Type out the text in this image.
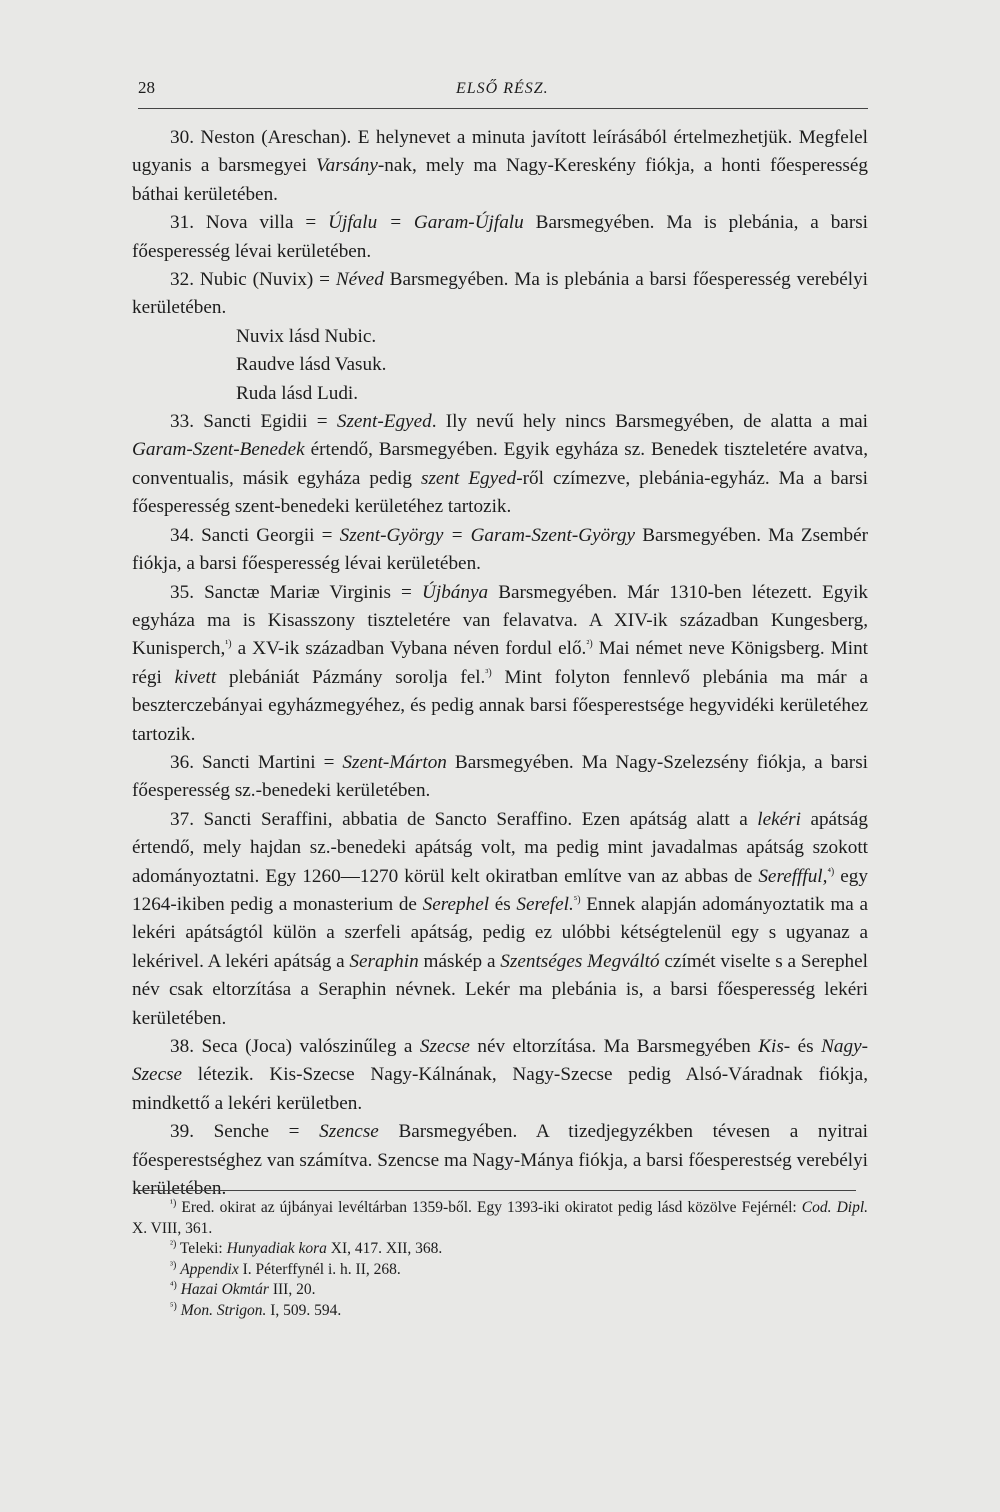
28	ELSŐ RÉSZ.

30. Neston (Areschan). E helynevet a minuta javított leírásából értelmezhetjük. Megfelel ugyanis a barsmegyei Varsány-nak, mely ma Nagy-Kereskény fiókja, a honti főesperesség báthai kerületében.

31. Nova villa = Újfalu = Garam-Újfalu Barsmegyében. Ma is plebánia, a barsi főesperesség lévai kerületében.

32. Nubic (Nuvix) = Néved Barsmegyében. Ma is plebánia a barsi főesperesség verebélyi kerületében.

Nuvix lásd Nubic.

Raudve lásd Vasuk.

Ruda lásd Ludi.

33. Sancti Egidii = Szent-Egyed. Ily nevű hely nincs Barsmegyében, de alatta a mai Garam-Szent-Benedek értendő, Barsmegyében. Egyik egyháza sz. Benedek tiszteletére avatva, conventualis, másik egyháza pedig szent Egyed-ről czímezve, plebánia-egyház. Ma a barsi főesperesség szent-benedeki kerületéhez tartozik.

34. Sancti Georgii = Szent-György = Garam-Szent-György Barsmegyében. Ma Zsembér fiókja, a barsi főesperesség lévai kerületében.

35. Sanctæ Mariæ Virginis = Újbánya Barsmegyében. Már 1310-ben létezett. Egyik egyháza ma is Kisasszony tiszteletére van felavatva. A XIV-ik században Kungesberg, Kunisperch,$^{^1)}$ a XV-ik században Vybana néven fordul elő.$^{^2)}$ Mai német neve Königsberg. Mint régi kivett plebániát Pázmány sorolja fel.$^{^3)}$ Mint folyton fennlevő plebánia ma már a beszterczebányai egyházmegyéhez, és pedig annak barsi főesperestsége hegyvidéki kerületéhez tartozik.

36. Sancti Martini = Szent-Márton Barsmegyében. Ma Nagy-Szelezsény fiókja, a barsi főesperesség sz.-benedeki kerületében.

37. Sancti Seraffini, abbatia de Sancto Seraffino. Ezen apátság alatt a lekéri apátság értendő, mely hajdan sz.-benedeki apátság volt, ma pedig mint javadalmas apátság szokott adományoztatni. Egy 1260—1270 körül kelt okiratban említve van az abbas de Sereffful,$^{^4)}$ egy 1264-ikiben pedig a monasterium de Serephel és Serefel.$^{^5)}$ Ennek alapján adományoztatik ma a lekéri apátságtól külön a szerfeli apátság, pedig ez ulóbbi kétségtelenül egy s ugyanaz a lekérivel. A lekéri apátság a Seraphin máskép a Szentséges Megváltó czímét viselte s a Serephel név csak eltorzítása a Seraphin névnek. Lekér ma plebánia is, a barsi főesperesség lekéri kerületében.

38. Seca (Joca) valószinűleg a Szecse név eltorzítása. Ma Barsmegyében Kis- és Nagy-Szecse létezik. Kis-Szecse Nagy-Kálnának, Nagy-Szecse pedig Alsó-Váradnak fiókja, mindkettő a lekéri kerületben.

39. Senche = Szencse Barsmegyében. A tizedjegyzékben tévesen a nyitrai főesperestséghez van számítva. Szencse ma Nagy-Mánya fiókja, a barsi főesperestség verebélyi kerületében.

$^{^1)}$ Ered. okirat az újbányai levéltárban 1359-ből. Egy 1393-iki okiratot pedig lásd közölve Fejérnél: Cod. Dipl. X. VIII, 361.

$^{^2)}$ Teleki: Hunyadiak kora XI, 417. XII, 368.

$^{^3)}$ Appendix I. Péterffynél i. h. II, 268.

$^{^4)}$ Hazai Okmtár III, 20.

$^{^5)}$ Mon. Strigon. I, 509. 594.
